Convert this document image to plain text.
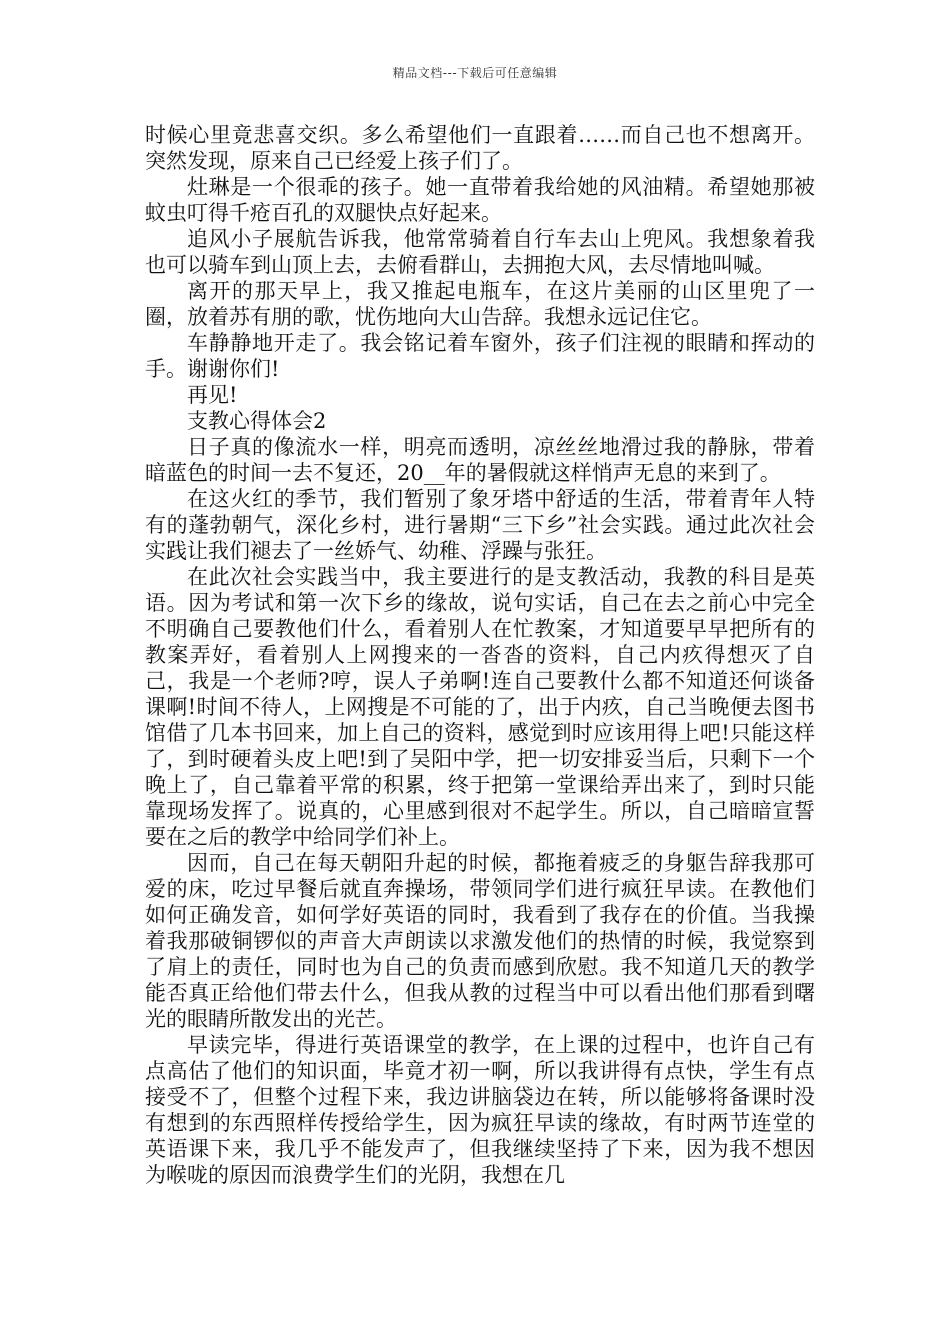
精品文档---下载后可任意编辑

时候心里竟悲喜交织。多么希望他们一直跟着……而自己也不想离开。突然发现，原来自己已经爱上孩子们了。

灶琳是一个很乖的孩子。她一直带着我给她的风油精。希望她那被蚊虫叮得千疮百孔的双腿快点好起来。

追风小子展航告诉我，他常常骑着自行车去山上兜风。我想象着我也可以骑车到山顶上去，去俯看群山，去拥抱大风，去尽情地叫喊。

离开的那天早上，我又推起电瓶车，在这片美丽的山区里兜了一圈，放着苏有朋的歌，忧伤地向大山告辞。我想永远记住它。

车静静地开走了。我会铭记着车窗外，孩子们注视的眼睛和挥动的手。谢谢你们!

再见!

支教心得体会2

日子真的像流水一样，明亮而透明，凉丝丝地滑过我的静脉，带着暗蓝色的时间一去不复还，20__年的暑假就这样悄声无息的来到了。

在这火红的季节，我们暂别了象牙塔中舒适的生活，带着青年人特有的蓬勃朝气，深化乡村，进行暑期“三下乡”社会实践。通过此次社会实践让我们褪去了一丝娇气、幼稚、浮躁与张狂。

在此次社会实践当中，我主要进行的是支教活动，我教的科目是英语。因为考试和第一次下乡的缘故，说句实话，自己在去之前心中完全不明确自己要教他们什么，看着别人在忙教案，才知道要早早把所有的教案弄好，看着别人上网搜来的一沓沓的资料，自己内疚得想灭了自己，我是一个老师?哼，误人子弟啊!连自己要教什么都不知道还何谈备课啊!时间不待人，上网搜是不可能的了，出于内疚，自己当晚便去图书馆借了几本书回来，加上自己的资料，感觉到时应该用得上吧!只能这样了，到时硬着头皮上吧!到了吴阳中学，把一切安排妥当后，只剩下一个晚上了，自己靠着平常的积累，终于把第一堂课给弄出来了，到时只能靠现场发挥了。说真的，心里感到很对不起学生。所以，自己暗暗宣誓要在之后的教学中给同学们补上。

因而，自己在每天朝阳升起的时候，都拖着疲乏的身躯告辞我那可爱的床，吃过早餐后就直奔操场，带领同学们进行疯狂早读。在教他们如何正确发音，如何学好英语的同时，我看到了我存在的价值。当我操着我那破铜锣似的声音大声朗读以求激发他们的热情的时候，我觉察到了肩上的责任，同时也为自己的负责而感到欣慰。我不知道几天的教学能否真正给他们带去什么，但我从教的过程当中可以看出他们那看到曙光的眼睛所散发出的光芒。

早读完毕，得进行英语课堂的教学，在上课的过程中，也许自己有点高估了他们的知识面，毕竟才初一啊，所以我讲得有点快，学生有点接受不了，但整个过程下来，我边讲脑袋边在转，所以能够将备课时没有想到的东西照样传授给学生，因为疯狂早读的缘故，有时两节连堂的英语课下来，我几乎不能发声了，但我继续坚持了下来，因为我不想因为喉咙的原因而浪费学生们的光阴，我想在几
